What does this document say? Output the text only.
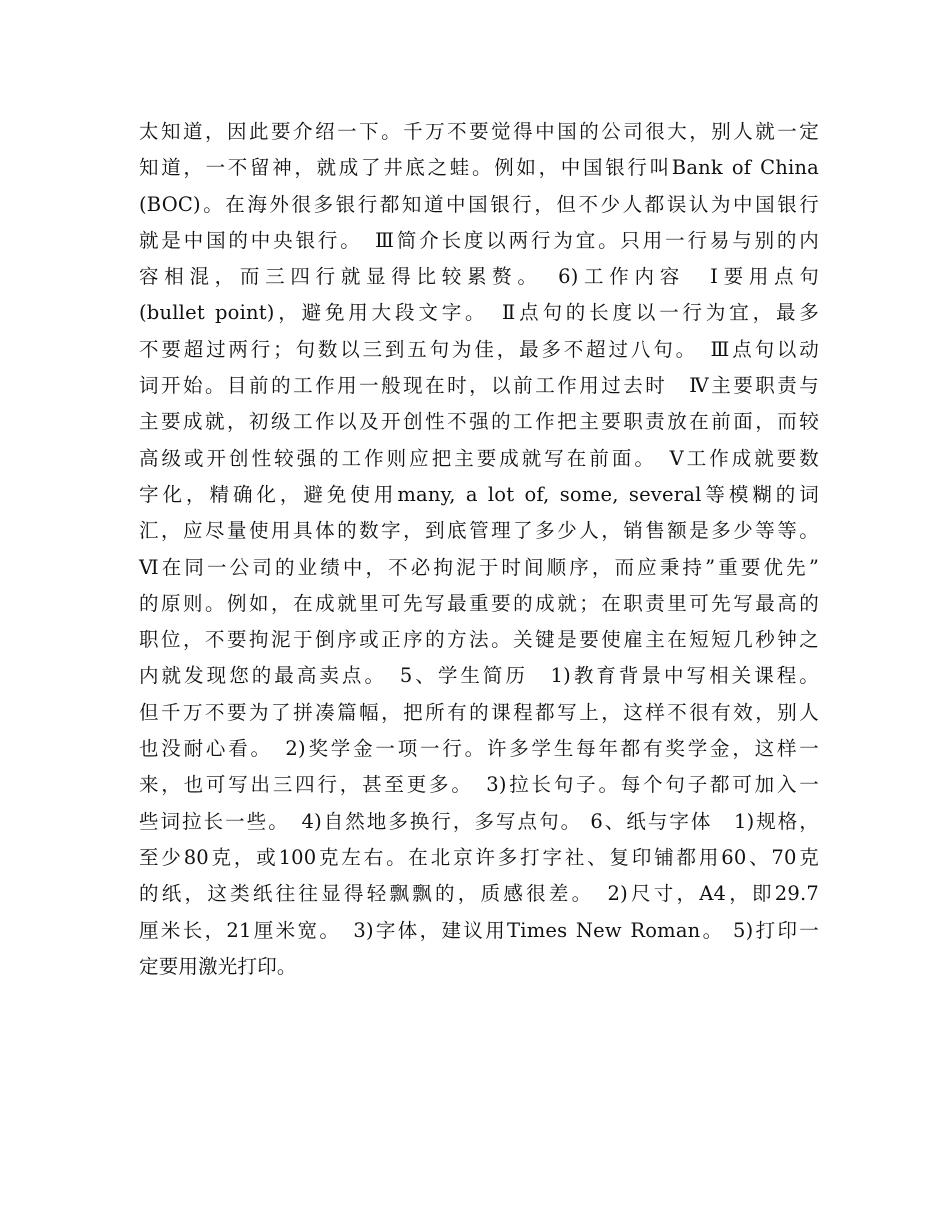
太知道，因此要介绍一下。千万不要觉得中国的公司很大，别人就一定
知道，一不留神，就成了井底之蛙。例如，中国银行叫Bank of China
(BOC)。在海外很多银行都知道中国银行，但不少人都误认为中国银行
就是中国的中央银行。　Ⅲ简介长度以两行为宜。只用一行易与别的内
容相混，而三四行就显得比较累赘。　6)工作内容　Ⅰ要用点句
(bullet point)，避免用大段文字。　Ⅱ点句的长度以一行为宜，最多
不要超过两行；句数以三到五句为佳，最多不超过八句。　Ⅲ点句以动
词开始。目前的工作用一般现在时，以前工作用过去时　Ⅳ主要职责与
主要成就，初级工作以及开创性不强的工作把主要职责放在前面，而较
高级或开创性较强的工作则应把主要成就写在前面。　Ⅴ工作成就要数
字化，精确化，避免使用many, a lot of, some, several等模糊的词
汇，应尽量使用具体的数字，到底管理了多少人，销售额是多少等等。
Ⅵ在同一公司的业绩中，不必拘泥于时间顺序，而应秉持”重要优先”
的原则。例如，在成就里可先写最重要的成就；在职责里可先写最高的
职位，不要拘泥于倒序或正序的方法。关键是要使雇主在短短几秒钟之
内就发现您的最高卖点。　5、学生简历　1)教育背景中写相关课程。
但千万不要为了拼凑篇幅，把所有的课程都写上，这样不很有效，别人
也没耐心看。　2)奖学金一项一行。许多学生每年都有奖学金，这样一
来，也可写出三四行，甚至更多。　3)拉长句子。每个句子都可加入一
些词拉长一些。　4)自然地多换行，多写点句。 6、纸与字体　1)规格，
至少80克，或100克左右。在北京许多打字社、复印铺都用60、70克
的纸，这类纸往往显得轻飘飘的，质感很差。　2)尺寸，A4，即29.7
厘米长，21厘米宽。　3)字体，建议用Times New Roman。 5)打印一
定要用激光打印。
